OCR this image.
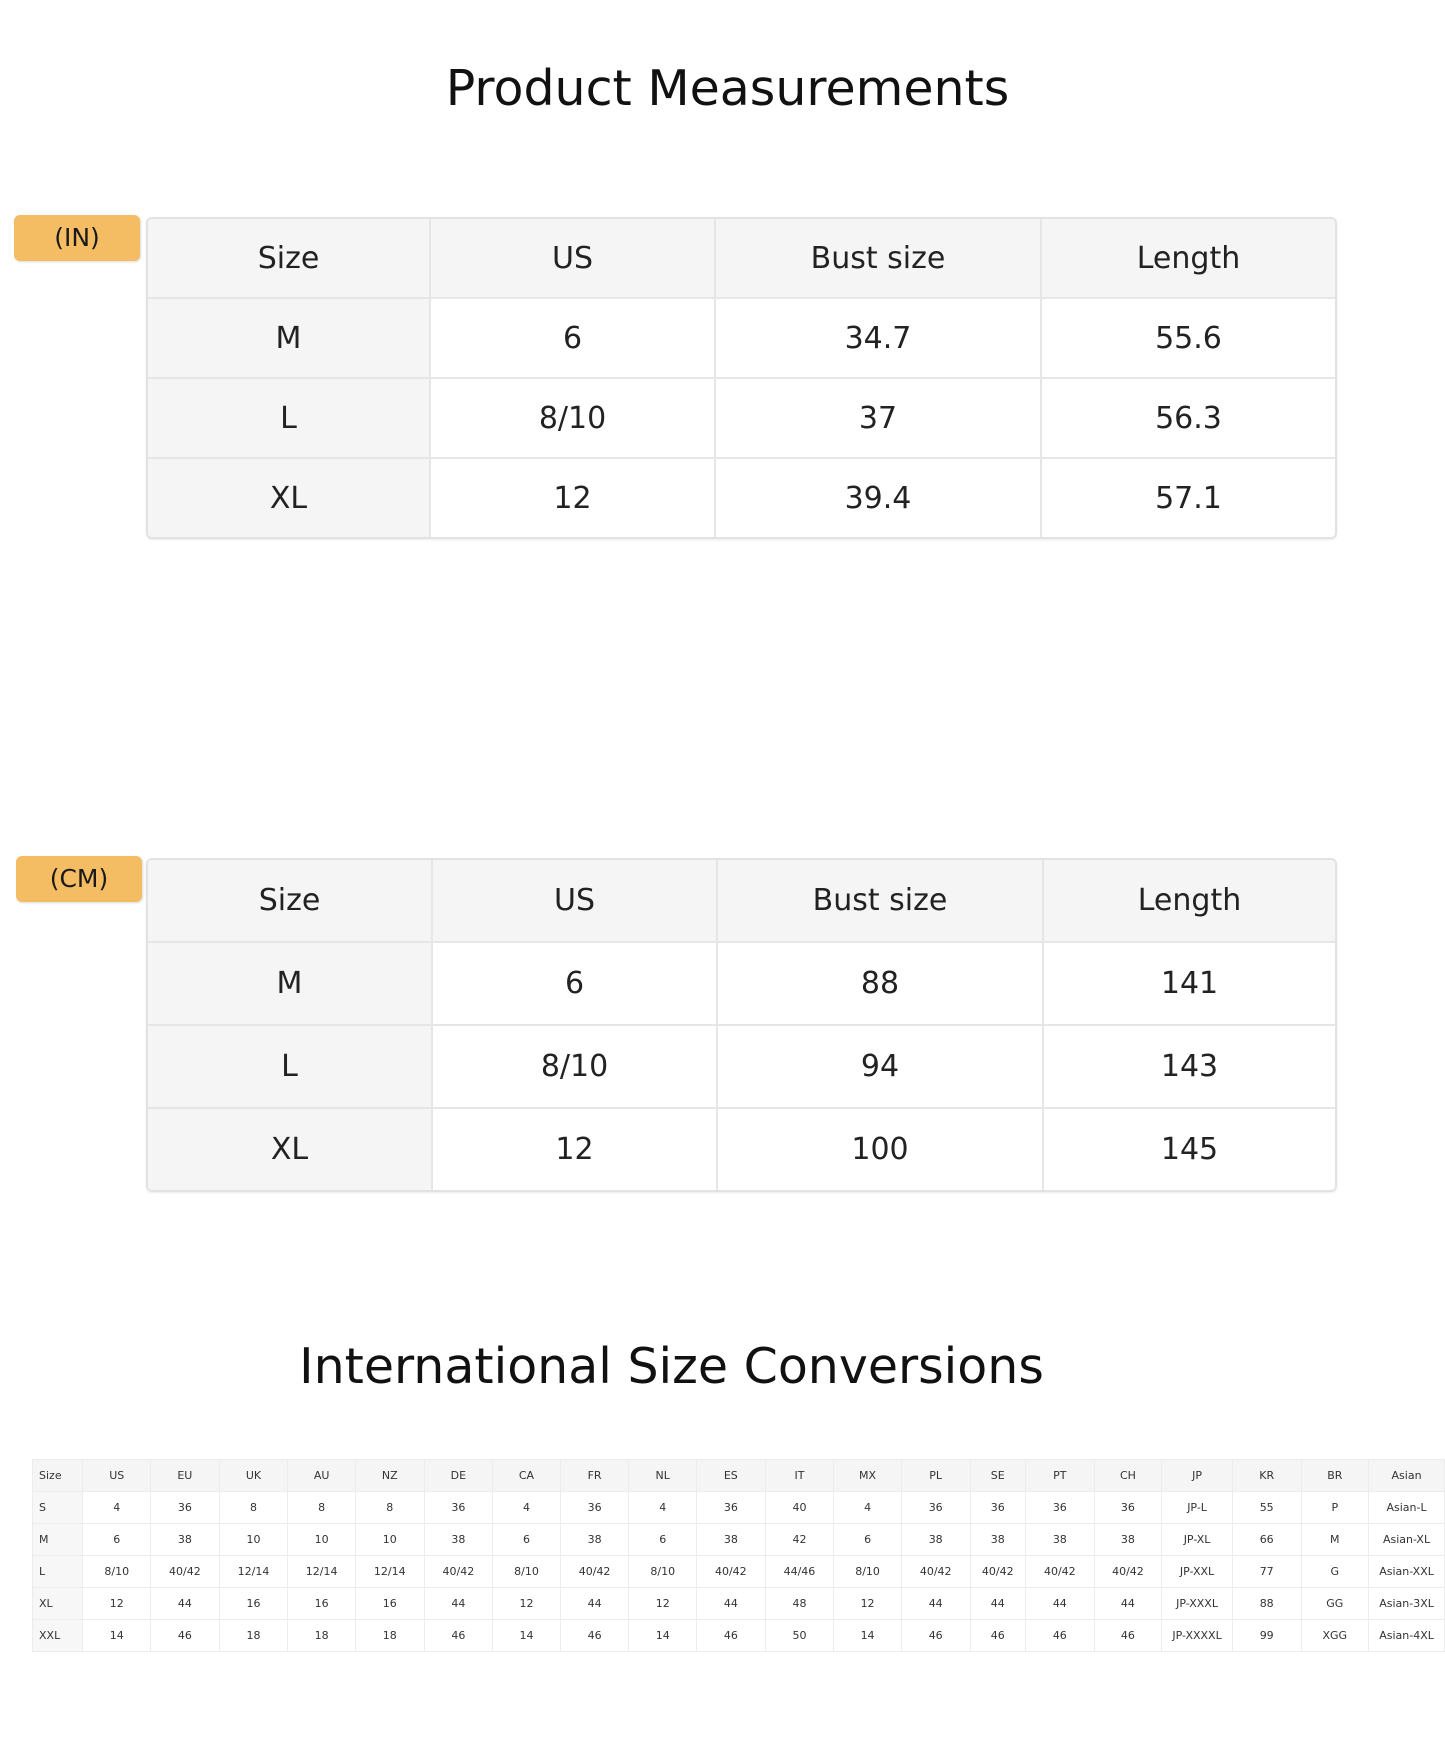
Product Measurements
(IN)
Size	US	Bust size	Length
M	6	34.7	55.6
L	8/10	37	56.3
XL	12	39.4	57.1
(CM)
Size	US	Bust size	Length
M	6	88	141
L	8/10	94	143
XL	12	100	145
International Size Conversions
Size	US	EU	UK	AU	NZ	DE	CA	FR	NL	ES	IT	MX	PL	SE	PT	CH	JP	KR	BR	Asian
S	4	36	8	8	8	36	4	36	4	36	40	4	36	36	36	36	JP-L	55	P	Asian-L
M	6	38	10	10	10	38	6	38	6	38	42	6	38	38	38	38	JP-XL	66	M	Asian-XL
L	8/10	40/42	12/14	12/14	12/14	40/42	8/10	40/42	8/10	40/42	44/46	8/10	40/42	40/42	40/42	40/42	JP-XXL	77	G	Asian-XXL
XL	12	44	16	16	16	44	12	44	12	44	48	12	44	44	44	44	JP-XXXL	88	GG	Asian-3XL
XXL	14	46	18	18	18	46	14	46	14	46	50	14	46	46	46	46	JP-XXXXL	99	XGG	Asian-4XL
